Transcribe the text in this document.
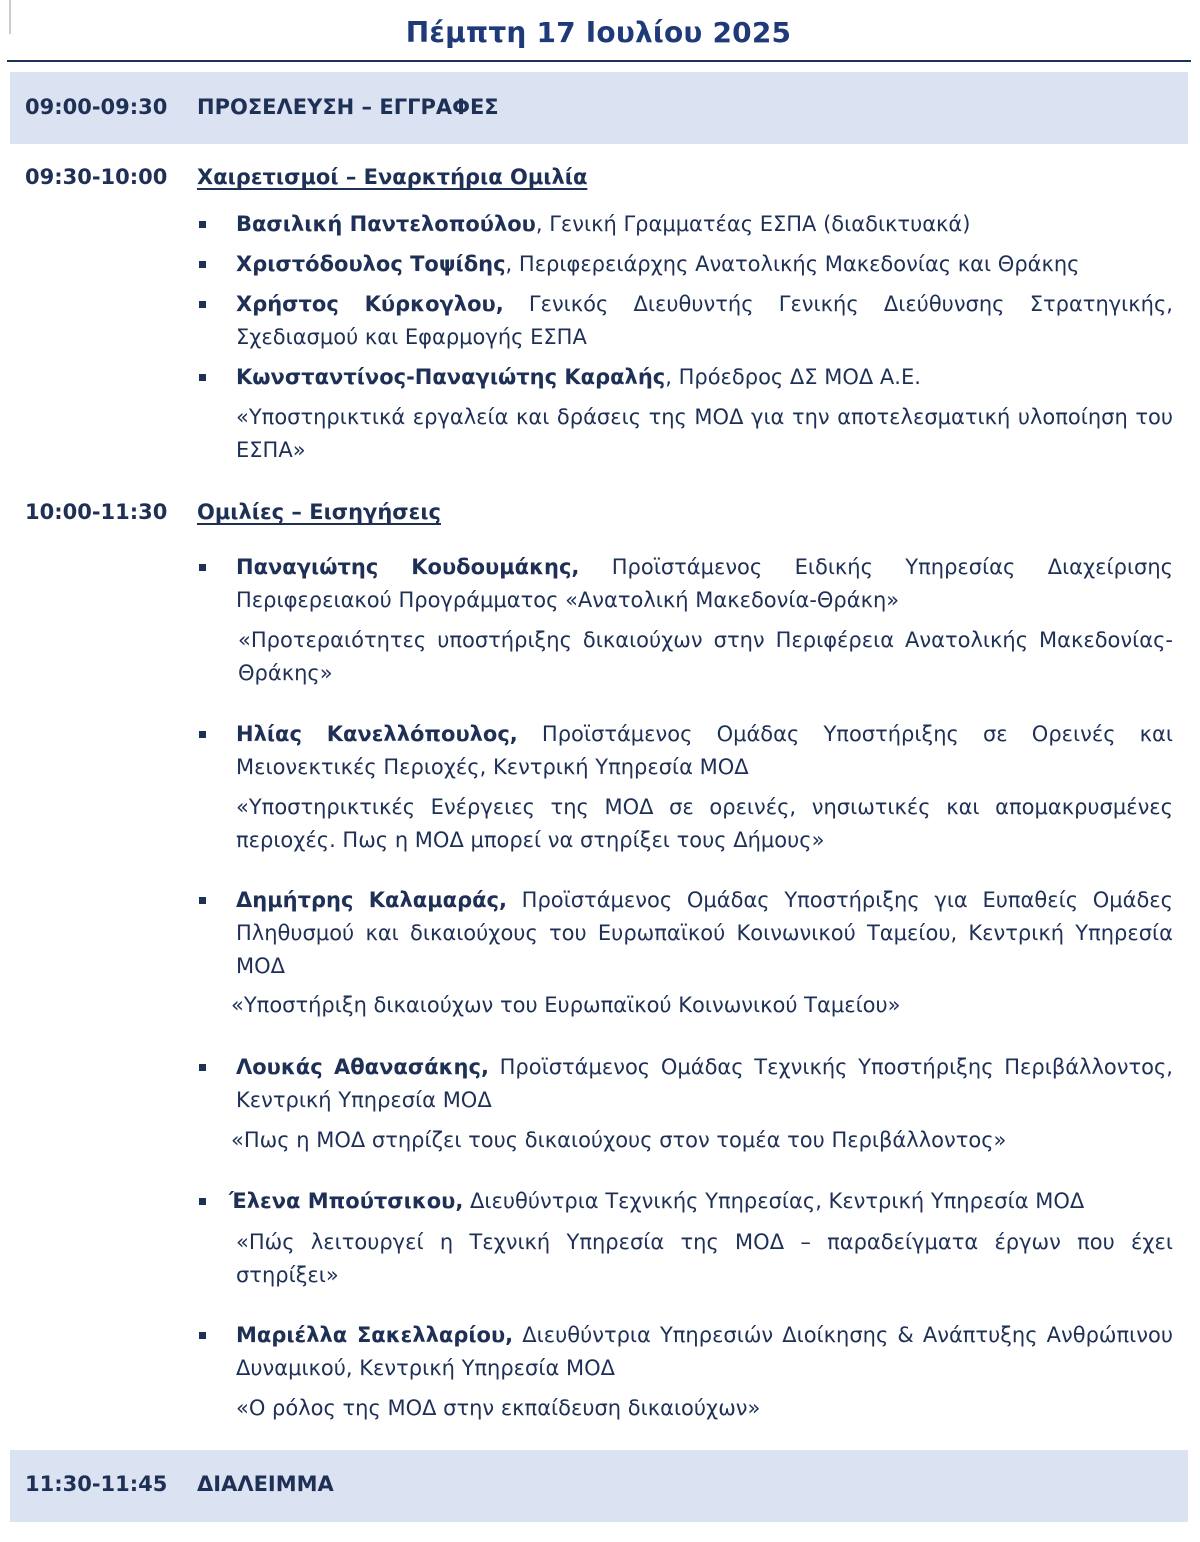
Πέμπτη 17 Ιουλίου 2025
09:00-09:30 ΠΡΟΣΕΛΕΥΣΗ – ΕΓΓΡΑΦΕΣ
09:30-10:00 Χαιρετισμοί – Εναρκτήρια Ομιλία
Βασιλική Παντελοπούλου, Γενική Γραμματέας ΕΣΠΑ (διαδικτυακά)
Χριστόδουλος Τοψίδης, Περιφερειάρχης Ανατολικής Μακεδονίας και Θράκης
Χρήστος Κύρκογλου, Γενικός Διευθυντής Γενικής Διεύθυνσης Στρατηγικής, Σχεδιασμού και Εφαρμογής ΕΣΠΑ
Κωνσταντίνος-Παναγιώτης Καραλής, Πρόεδρος ΔΣ ΜΟΔ Α.Ε.
«Υποστηρικτικά εργαλεία και δράσεις της ΜΟΔ για την αποτελεσματική υλοποίηση του ΕΣΠΑ»
10:00-11:30 Ομιλίες – Εισηγήσεις
Παναγιώτης Κουδουμάκης, Προϊστάμενος Ειδικής Υπηρεσίας Διαχείρισης Περιφερειακού Προγράμματος «Ανατολική Μακεδονία-Θράκη»
«Προτεραιότητες υποστήριξης δικαιούχων στην Περιφέρεια Ανατολικής Μακεδονίας-Θράκης»
Ηλίας Κανελλόπουλος, Προϊστάμενος Ομάδας Υποστήριξης σε Ορεινές και Μειονεκτικές Περιοχές, Κεντρική Υπηρεσία ΜΟΔ
«Υποστηρικτικές Ενέργειες της ΜΟΔ σε ορεινές, νησιωτικές και απομακρυσμένες περιοχές. Πως η ΜΟΔ μπορεί να στηρίξει τους Δήμους»
Δημήτρης Καλαμαράς, Προϊστάμενος Ομάδας Υποστήριξης για Ευπαθείς Ομάδες Πληθυσμού και δικαιούχους του Ευρωπαϊκού Κοινωνικού Ταμείου, Κεντρική Υπηρεσία ΜΟΔ
«Υποστήριξη δικαιούχων του Ευρωπαϊκού Κοινωνικού Ταμείου»
Λουκάς Αθανασάκης, Προϊστάμενος Ομάδας Τεχνικής Υποστήριξης Περιβάλλοντος, Κεντρική Υπηρεσία ΜΟΔ
«Πως η ΜΟΔ στηρίζει τους δικαιούχους στον τομέα του Περιβάλλοντος»
Έλενα Μπούτσικου, Διευθύντρια Τεχνικής Υπηρεσίας, Κεντρική Υπηρεσία ΜΟΔ
«Πώς λειτουργεί η Τεχνική Υπηρεσία της ΜΟΔ – παραδείγματα έργων που έχει στηρίξει»
Μαριέλλα Σακελλαρίου, Διευθύντρια Υπηρεσιών Διοίκησης & Ανάπτυξης Ανθρώπινου Δυναμικού, Κεντρική Υπηρεσία ΜΟΔ
«Ο ρόλος της ΜΟΔ στην εκπαίδευση δικαιούχων»
11:30-11:45 ΔΙΑΛΕΙΜΜΑ
